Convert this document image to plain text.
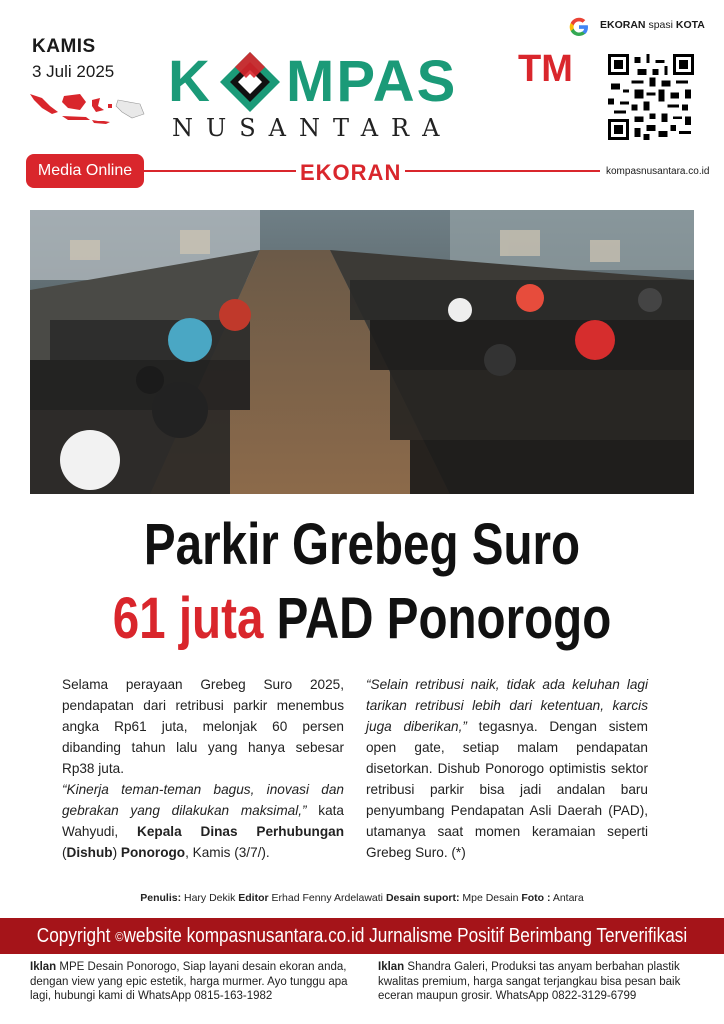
KAMIS
3 Juli 2025 K MPAS TM
NUSANTARA
EKORAN spasi KOTA
Media Online	EKORAN	kompasnusantara.co.id
Parkir Grebeg Suro
61 juta PAD Ponorogo

Selama perayaan Grebeg Suro 2025, pendapatan dari retribusi parkir menembus angka Rp61 juta, melonjak 60 persen dibanding tahun lalu yang hanya sebesar Rp38 juta.

“Kinerja teman-teman bagus, inovasi dan gebrakan yang dilakukan maksimal,” kata Wahyudi, Kepala Dinas Perhubungan (Dishub) Ponorogo, Kamis (3/7/).

“Selain retribusi naik, tidak ada keluhan lagi tarikan retribusi lebih dari ketentuan, karcis juga diberikan,” tegasnya. Dengan sistem open gate, setiap malam pendapatan disetorkan. Dishub Ponorogo optimistis sektor retribusi parkir bisa jadi andalan baru penyumbang Pendapatan Asli Daerah (PAD), utamanya saat momen keramaian seperti Grebeg Suro. (*)

Penulis: Hary Dekik Editor Erhad Fenny Ardelawati Desain suport: Mpe Desain Foto : Antara
Copyright
© website kompasnusantara.co.id Jurnalisme Positif Berimbang Terverifikasi
Iklan MPE Desain Ponorogo, Siap layani desain ekoran anda, dengan view yang epic estetik, harga murmer. Ayo tunggu apa lagi, hubungi kami di WhatsApp 0815-163-1982
Iklan Shandra Galeri, Produksi tas anyam berbahan plastik kwalitas premium, harga sangat terjangkau bisa pesan baik eceran maupun grosir. WhatsApp 0822-3129-6799
